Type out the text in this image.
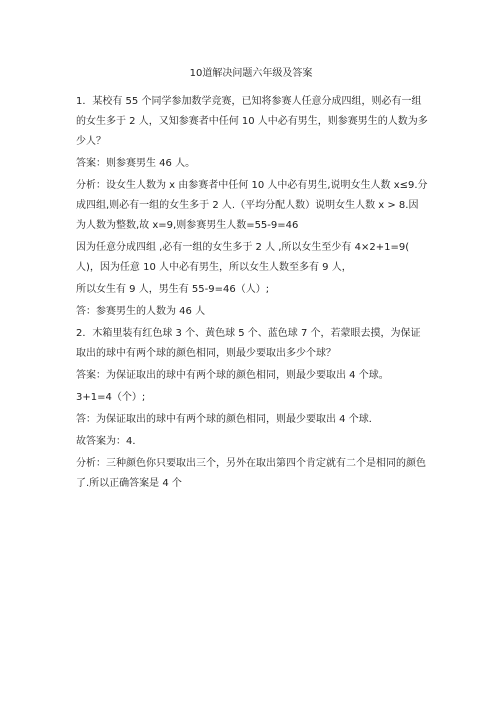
10道解决问题六年级及答案

1．某校有 55 个同学参加数学竞赛，已知将参赛人任意分成四组，则必有一组的女生多于 2 人，又知参赛者中任何 10 人中必有男生，则参赛男生的人数为多少人？

答案：则参赛男生 46 人。

分析：设女生人数为 x 由参赛者中任何 10 人中必有男生,说明女生人数 x≤9.分成四组,则必有一组的女生多于 2 人.（平均分配人数）说明女生人数 x > 8.因为人数为整数,故 x=9,则参赛男生人数=55-9=46

因为任意分成四组 ,必有一组的女生多于 2 人 ,所以女生至少有 4×2+1=9( 人)，因为任意 10 人中必有男生，所以女生人数至多有 9 人，

所以女生有 9 人，男生有 55-9=46（人）;

答：参赛男生的人数为 46 人

2．木箱里装有红色球 3 个、黄色球 5 个、蓝色球 7 个，若蒙眼去摸，为保证取出的球中有两个球的颜色相同，则最少要取出多少个球？

答案：为保证取出的球中有两个球的颜色相同，则最少要取出 4 个球。

3+1=4（个）;

答：为保证取出的球中有两个球的颜色相同，则最少要取出 4 个球．

故答案为：4．

分析：三种颜色你只要取出三个，另外在取出第四个肯定就有二个是相同的颜色了.所以正确答案是 4 个
